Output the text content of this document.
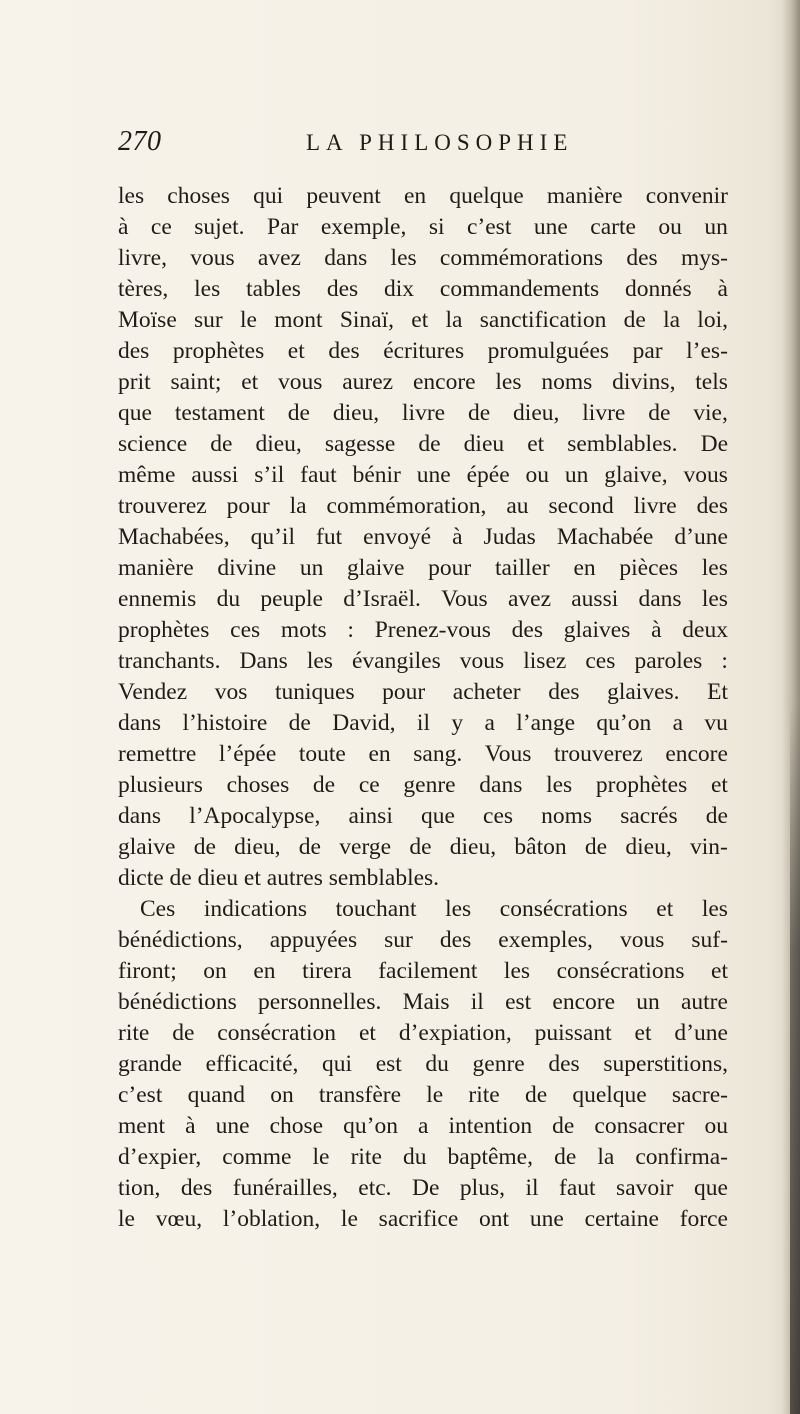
270	LA PHILOSOPHIE
les choses qui peuvent en quelque manière convenir
à ce sujet. Par exemple, si c’est une carte ou un
livre, vous avez dans les commémorations des mys-
tères, les tables des dix commandements donnés à
Moïse sur le mont Sinaï, et la sanctification de la loi,
des prophètes et des écritures promulguées par l’es-
prit saint; et vous aurez encore les noms divins, tels
que testament de dieu, livre de dieu, livre de vie,
science de dieu, sagesse de dieu et semblables. De
même aussi s’il faut bénir une épée ou un glaive, vous
trouverez pour la commémoration, au second livre des
Machabées, qu’il fut envoyé à Judas Machabée d’une
manière divine un glaive pour tailler en pièces les
ennemis du peuple d’Israël. Vous avez aussi dans les
prophètes ces mots : Prenez-vous des glaives à deux
tranchants. Dans les évangiles vous lisez ces paroles :
Vendez vos tuniques pour acheter des glaives. Et
dans l’histoire de David, il y a l’ange qu’on a vu
remettre l’épée toute en sang. Vous trouverez encore
plusieurs choses de ce genre dans les prophètes et
dans l’Apocalypse, ainsi que ces noms sacrés de
glaive de dieu, de verge de dieu, bâton de dieu, vin-
dicte de dieu et autres semblables.
Ces indications touchant les consécrations et les
bénédictions, appuyées sur des exemples, vous suf-
firont; on en tirera facilement les consécrations et
bénédictions personnelles. Mais il est encore un autre
rite de consécration et d’expiation, puissant et d’une
grande efficacité, qui est du genre des superstitions,
c’est quand on transfère le rite de quelque sacre-
ment à une chose qu’on a intention de consacrer ou
d’expier, comme le rite du baptême, de la confirma-
tion, des funérailles, etc. De plus, il faut savoir que
le vœu, l’oblation, le sacrifice ont une certaine force
